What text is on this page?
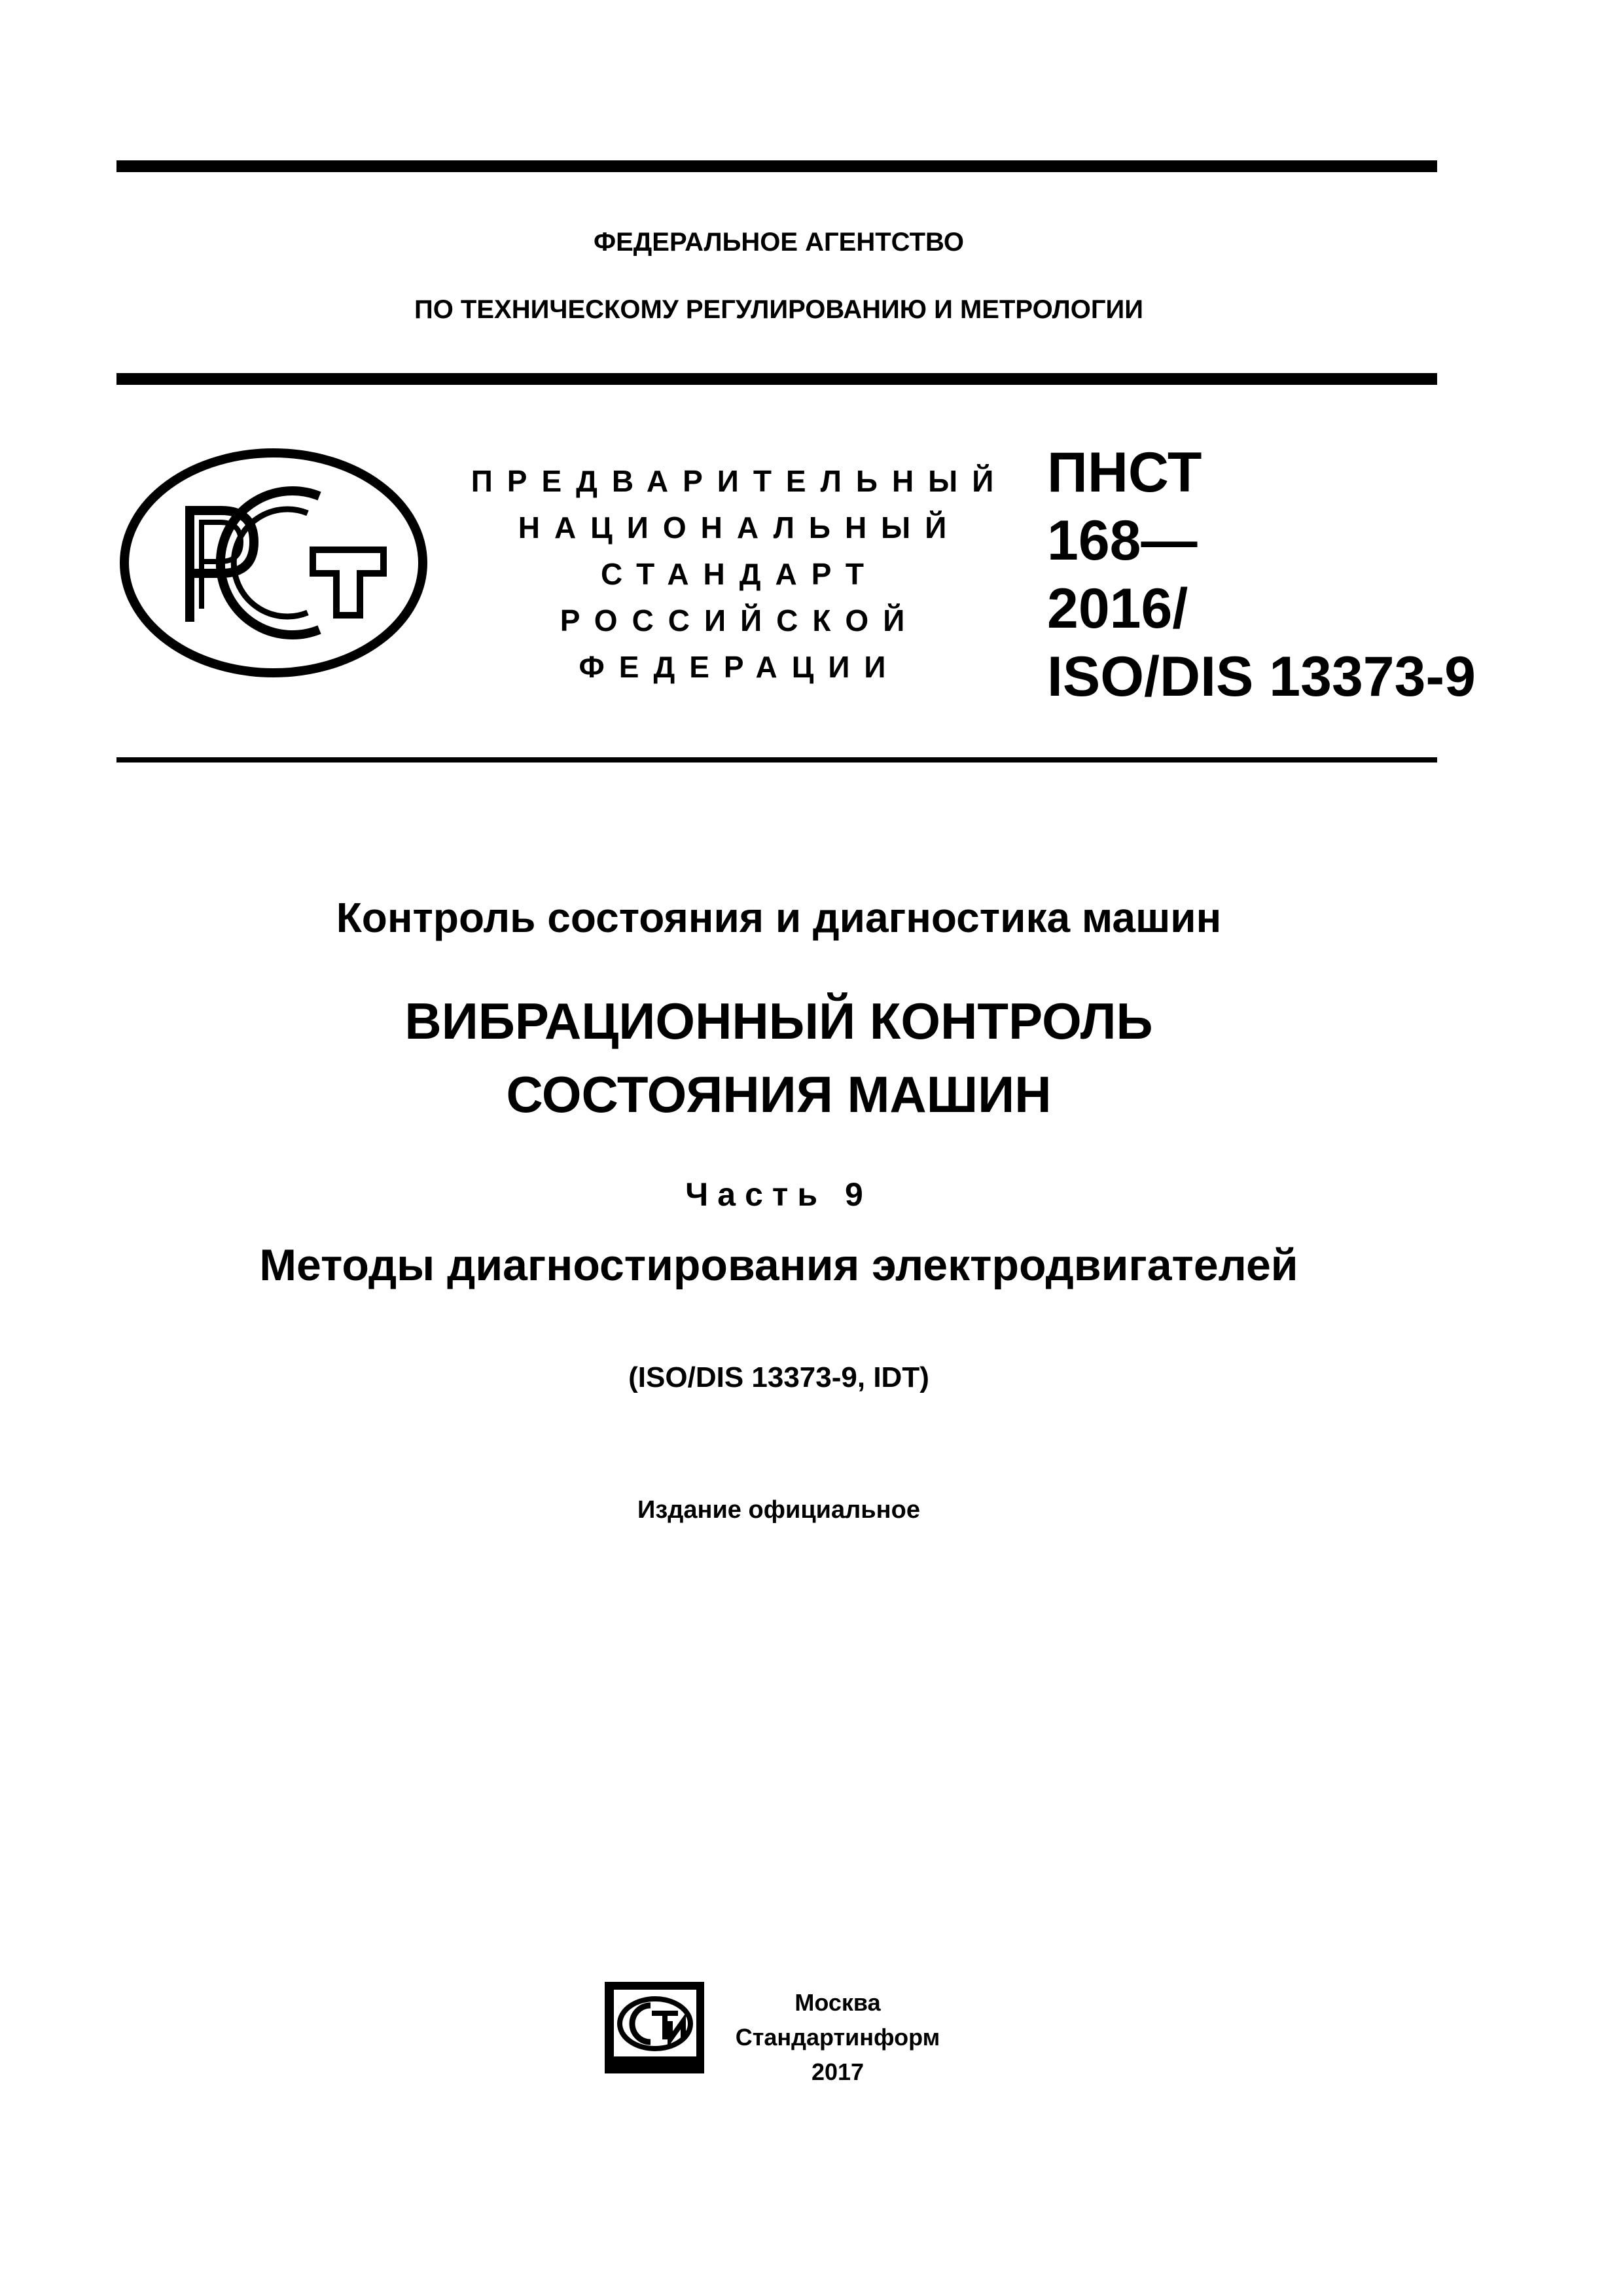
ФЕДЕРАЛЬНОЕ АГЕНТСТВО
ПО ТЕХНИЧЕСКОМУ РЕГУЛИРОВАНИЮ И МЕТРОЛОГИИ
ПРЕДВАРИТЕЛЬНЫЙ
НАЦИОНАЛЬНЫЙ
СТАНДАРТ
РОССИЙСКОЙ
ФЕДЕРАЦИИ
ПНСТ
168—
2016/
ISO/DIS 13373-9
Контроль состояния и диагностика машин
ВИБРАЦИОННЫЙ КОНТРОЛЬ
СОСТОЯНИЯ МАШИН
Часть 9
Методы диагностирования электродвигателей
(ISO/DIS 13373-9, IDT)
Издание официальное
Москва
Стандартинформ
2017
